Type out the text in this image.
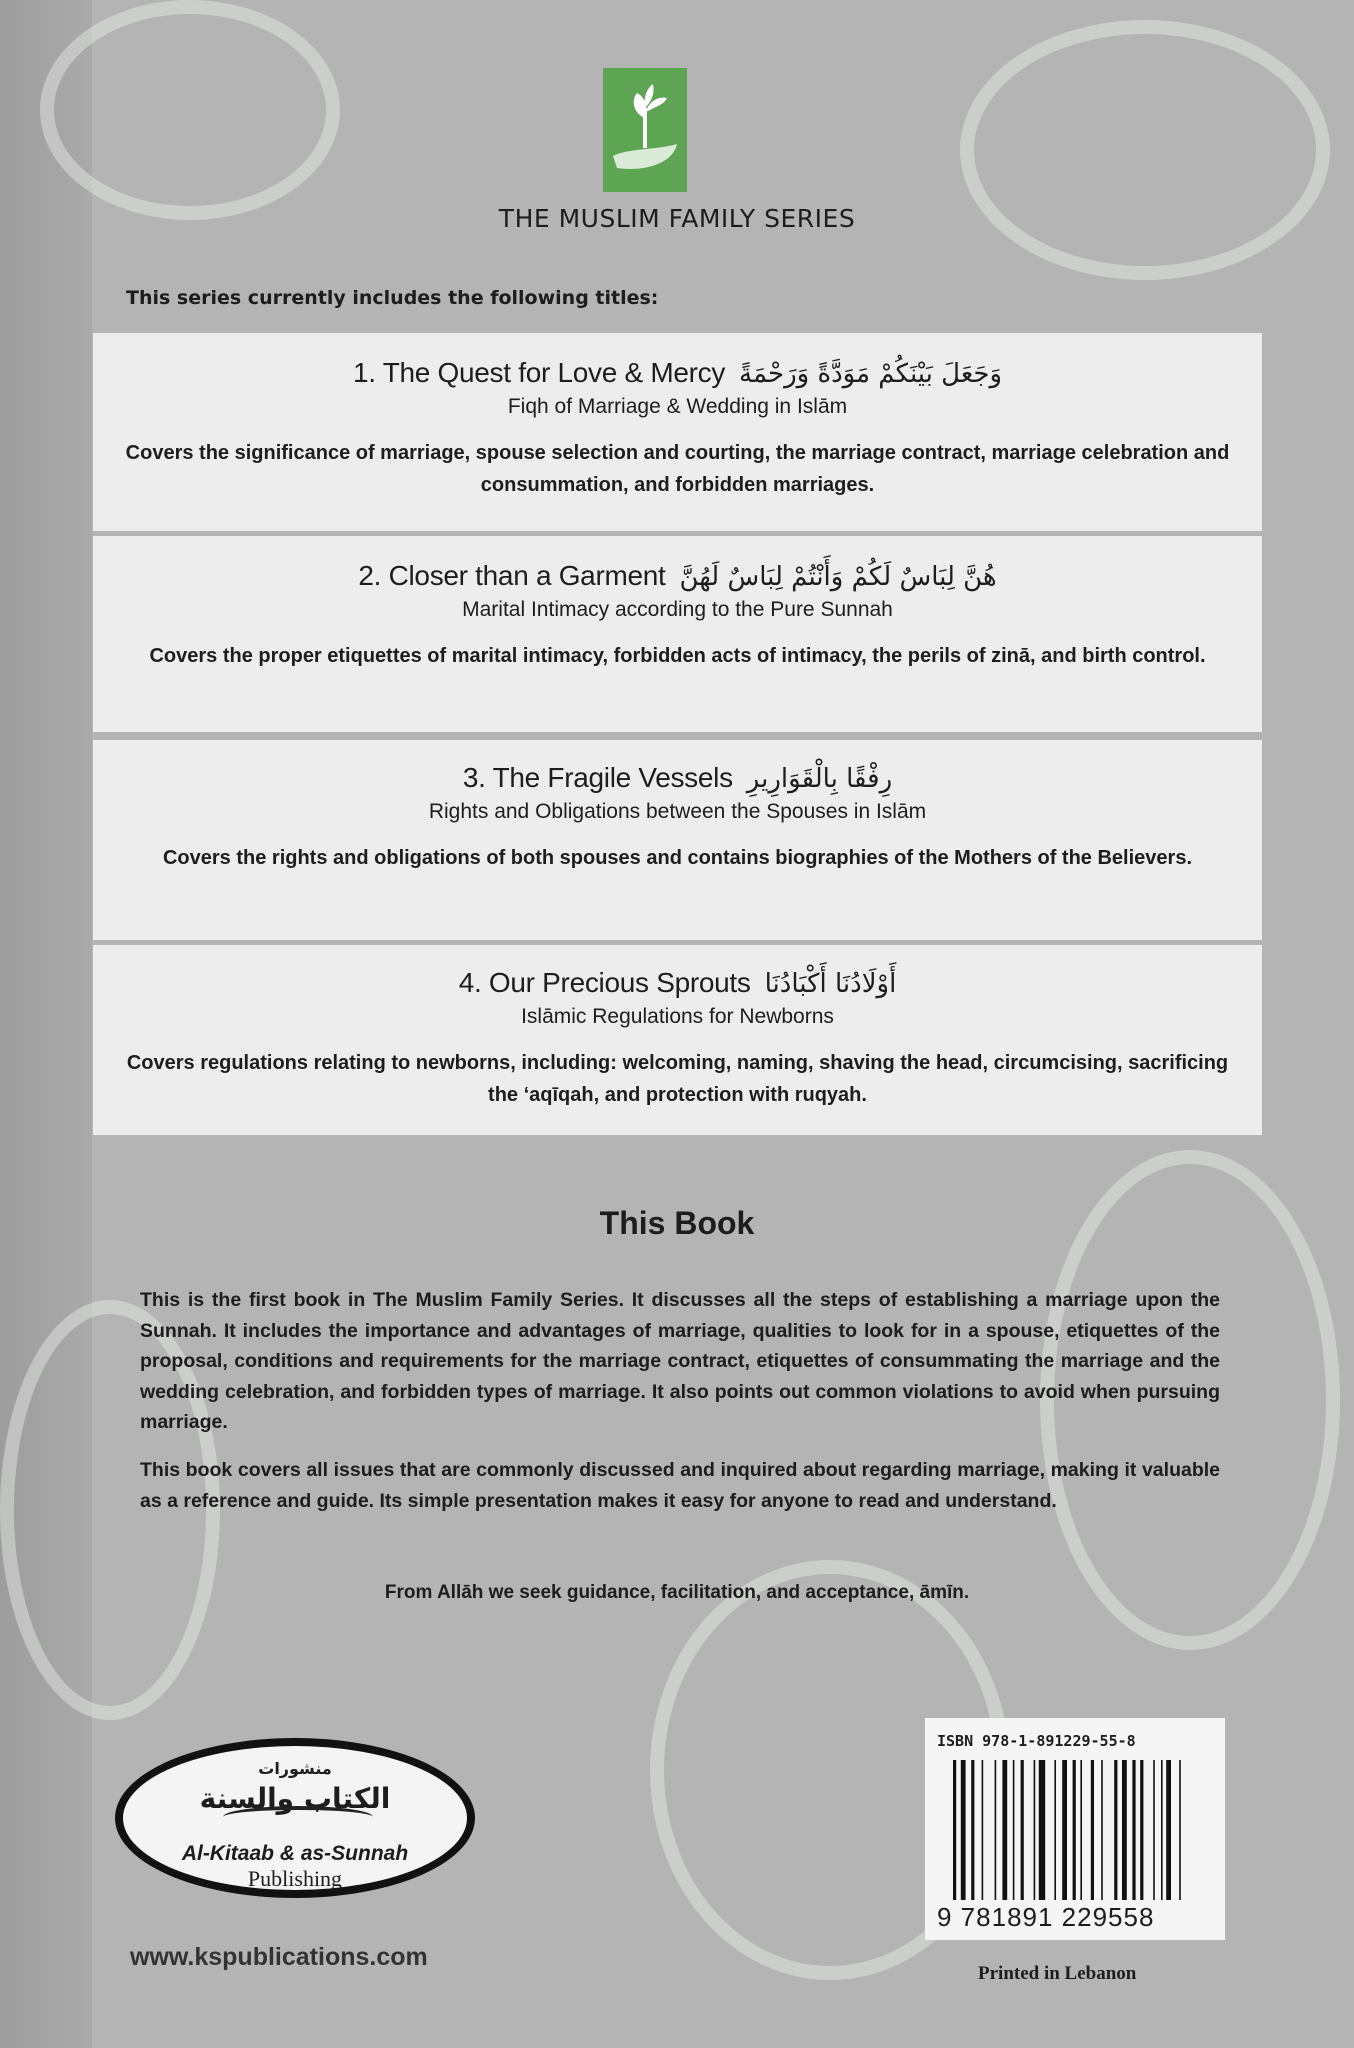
THE MUSLIM FAMILY SERIES
This series currently includes the following titles:
1. The Quest for Love & Mercy وَجَعَلَ بَيْنَكُمْ مَوَدَّةً وَرَحْمَةً
Fiqh of Marriage & Wedding in Islām
Covers the significance of marriage, spouse selection and courting, the marriage contract, marriage celebration and consummation, and forbidden marriages.
2. Closer than a Garment هُنَّ لِبَاسٌ لَكُمْ وَأَنْتُمْ لِبَاسٌ لَهُنَّ
Marital Intimacy according to the Pure Sunnah
Covers the proper etiquettes of marital intimacy, forbidden acts of intimacy, the perils of zinā, and birth control.
3. The Fragile Vessels رِفْقًا بِالْقَوَارِيرِ
Rights and Obligations between the Spouses in Islām
Covers the rights and obligations of both spouses and contains biographies of the Mothers of the Believers.
4. Our Precious Sprouts أَوْلَادُنَا أَكْبَادُنَا
Islāmic Regulations for Newborns
Covers regulations relating to newborns, including: welcoming, naming, shaving the head, circumcising, sacrificing the ‘aqīqah, and protection with ruqyah.
This Book
This is the first book in The Muslim Family Series. It discusses all the steps of establishing a marriage upon the Sunnah. It includes the importance and advantages of marriage, qualities to look for in a spouse, etiquettes of the proposal, conditions and requirements for the marriage contract, etiquettes of consummating the marriage and the wedding celebration, and forbidden types of marriage. It also points out common violations to avoid when pursuing marriage.
This book covers all issues that are commonly discussed and inquired about regarding marriage, making it valuable as a reference and guide. Its simple presentation makes it easy for anyone to read and understand.
From Allāh we seek guidance, facilitation, and acceptance, āmīn.
منشورات
الكتاب والسنة
Al-Kitaab & as-Sunnah
Publishing
www.kspublications.com
ISBN 978-1-891229-55-8
9 781891 229558
Printed in Lebanon
